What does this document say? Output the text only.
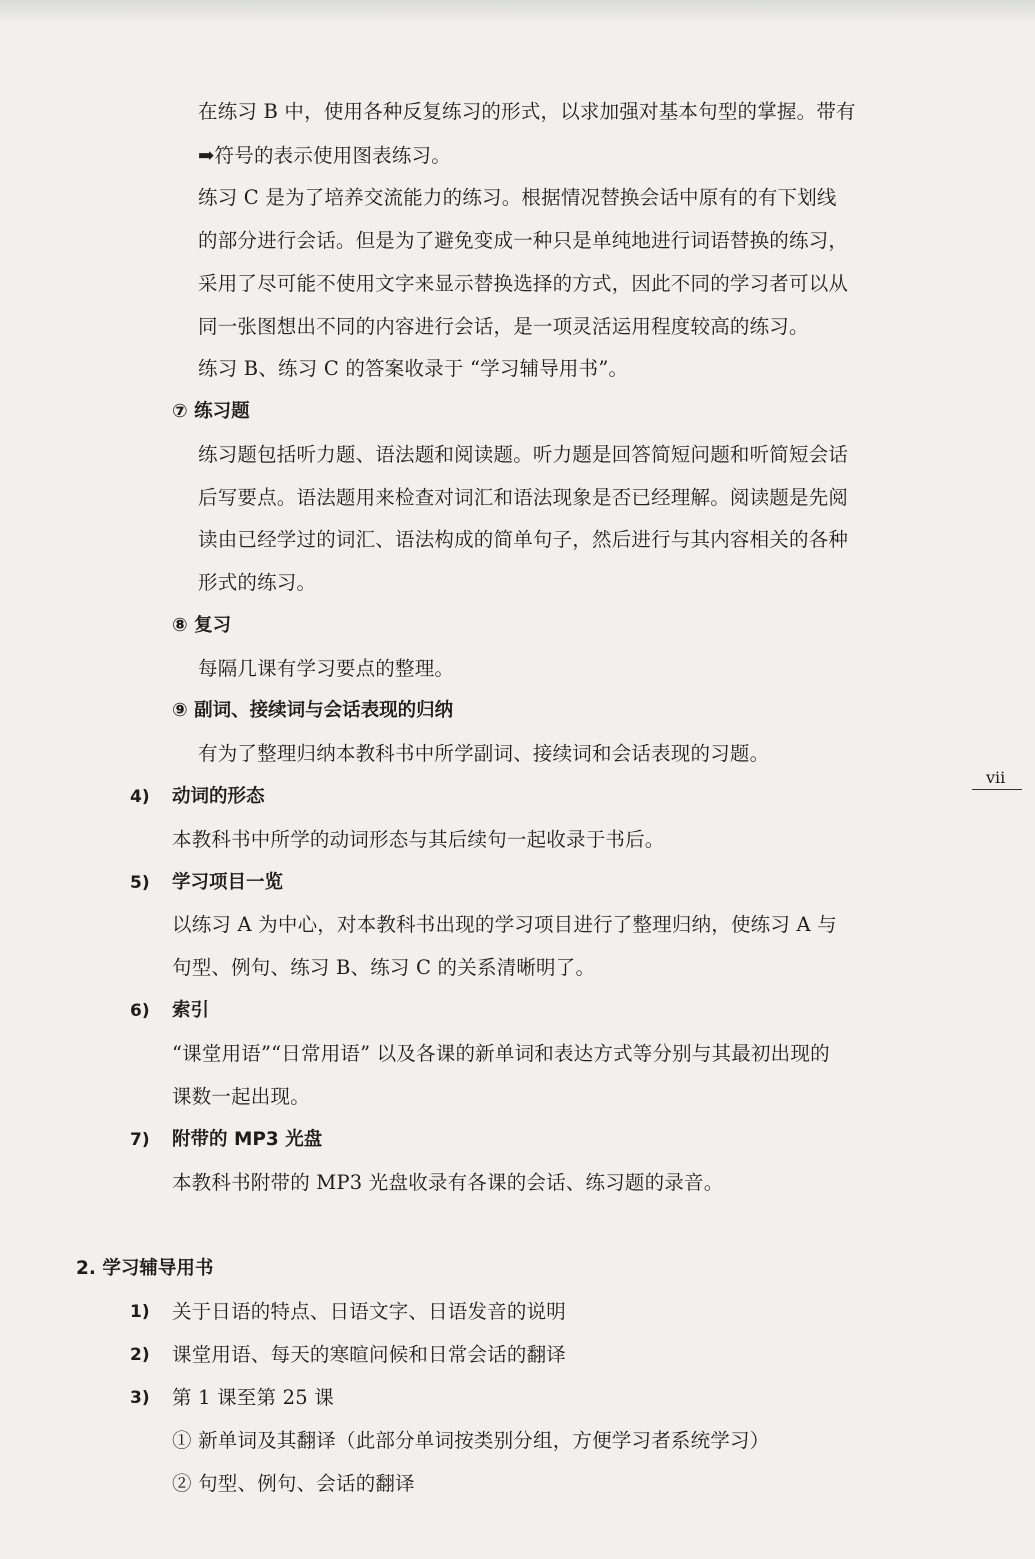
在练习 B 中，使用各种反复练习的形式，以求加强对基本句型的掌握。带有
➡符号的表示使用图表练习。
练习 C 是为了培养交流能力的练习。根据情况替换会话中原有的有下划线
的部分进行会话。但是为了避免变成一种只是单纯地进行词语替换的练习，
采用了尽可能不使用文字来显示替换选择的方式，因此不同的学习者可以从
同一张图想出不同的内容进行会话，是一项灵活运用程度较高的练习。
练习 B、练习 C 的答案收录于 “学习辅导用书”。
⑦ 练习题
练习题包括听力题、语法题和阅读题。听力题是回答简短问题和听简短会话
后写要点。语法题用来检查对词汇和语法现象是否已经理解。阅读题是先阅
读由已经学过的词汇、语法构成的简单句子，然后进行与其内容相关的各种
形式的练习。
⑧ 复习
每隔几课有学习要点的整理。
⑨ 副词、接续词与会话表现的归纳
有为了整理归纳本教科书中所学副词、接续词和会话表现的习题。
vii
4) 动词的形态
本教科书中所学的动词形态与其后续句一起收录于书后。
5) 学习项目一览
以练习 A 为中心，对本教科书出现的学习项目进行了整理归纳，使练习 A 与
句型、例句、练习 B、练习 C 的关系清晰明了。
6) 索引
“课堂用语”“日常用语” 以及各课的新单词和表达方式等分别与其最初出现的
课数一起出现。
7) 附带的 MP3 光盘
本教科书附带的 MP3 光盘收录有各课的会话、练习题的录音。
2. 学习辅导用书
1) 关于日语的特点、日语文字、日语发音的说明
2) 课堂用语、每天的寒暄问候和日常会话的翻译
3) 第 1 课至第 25 课
① 新单词及其翻译（此部分单词按类别分组，方便学习者系统学习）
② 句型、例句、会话的翻译
